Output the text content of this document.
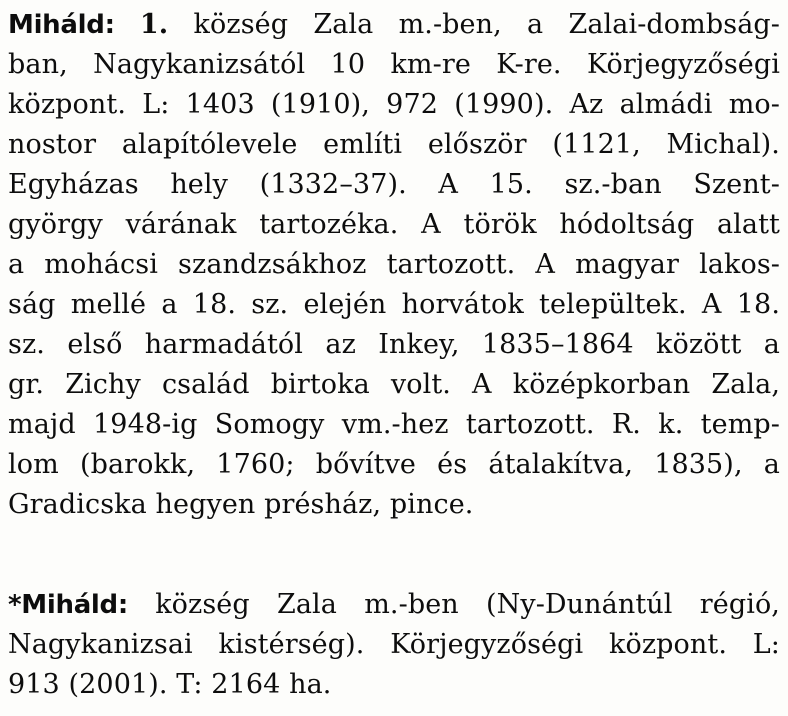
Miháld: 1. község Zala m.-ben, a Zalai-dombság-
ban, Nagykanizsától 10 km-re K-re. Körjegyzőségi
központ. L: 1403 (1910), 972 (1990). Az almádi mo-
nostor alapítólevele említi először (1121, Michal).
Egyházas hely (1332–37). A 15. sz.-ban Szent-
györgy várának tartozéka. A török hódoltság alatt
a mohácsi szandzsákhoz tartozott. A magyar lakos-
ság mellé a 18. sz. elején horvátok települtek. A 18.
sz. első harmadától az Inkey, 1835–1864 között a
gr. Zichy család birtoka volt. A középkorban Zala,
majd 1948-ig Somogy vm.-hez tartozott. R. k. temp-
lom (barokk, 1760; bővítve és átalakítva, 1835), a
Gradicska hegyen présház, pince.
*Miháld: község Zala m.-ben (Ny-Dunántúl régió,
Nagykanizsai kistérség). Körjegyzőségi központ. L:
913 (2001). T: 2164 ha.
